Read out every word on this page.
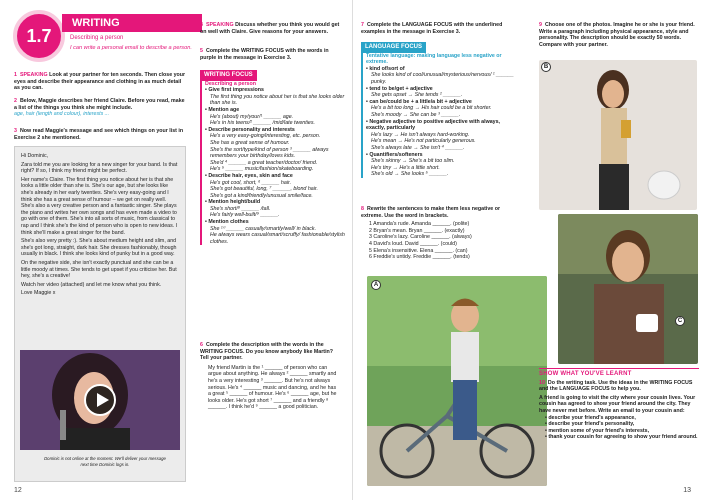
1.7
WRITING
Describing a person
I can write a personal email to describe a person.
1 SPEAKING Look at your partner for ten seconds. Then close your eyes and describe their appearance and clothing in as much detail as you can.
2 Below, Maggie describes her friend Claire. Before you read, make a list of the things you think she might include.
age, hair (length and colour), interests ...
3 Now read Maggie's message and see which things on your list in Exercise 2 she mentioned.

Hi Dominic,

Zara told me you are looking for a new singer for your band. Is that right? If so, I think my friend might be perfect.

Her name's Claire. The first thing you notice about her is that she looks a little older than she is. She's our age, but she looks like she's already in her early twenties. She's very easy-going and I think she has a great sense of humour – we get on really well. She's also a very creative person and a fantastic singer. She plays the piano and writes her own songs and has even made a video to go with one of them. She's into all sorts of music, from classical to rap and I think she's the kind of person who is open to new ideas. I think she'll make a great singer for the band.

She's also very pretty :). She's about medium height and slim, and she's got long, straight, dark hair. She dresses fashionably, though usually in black. I think she looks kind of punky but in a good way.

On the negative side, she isn't exactly punctual and she can be a little moody at times. She tends to get upset if you criticise her. But hey, she's a creative!

Watch her video (attached) and let me know what you think.

Love Maggie x

Dominic is not online at the moment. We'll deliver your message next time Dominic logs in.
4 SPEAKING Discuss whether you think you would get on well with Claire. Give reasons for your answers.
5 Complete the WRITING FOCUS with the words in purple in the message in Exercise 3.
WRITING FOCUS
Describing a person
• Give first impressions
The first thing you notice about her is that she looks older than she is.
• Mention age
He's (about) my/your/¹ ______ age.
He's in his teens/² ______ /mid/late twenties.
• Describe personality and interests
He's a very easy-going/interesting, etc. person.
She has a great sense of humour.
She's the sort/type/kind of person ³ ______ always remembers your birthday/loves kids.
She'd ⁴ ______ a great teacher/doctor/ friend.
He's ⁵ ______ music/fashion/skateboarding.
• Describe hair, eyes, skin and face
He's got cool, short, ⁶ ______ hair.
She's got beautiful, long, ⁷ ______, blond hair.
She's got a kind/friendly/unusual smile/face.
• Mention height/build
She's short/⁸ ______ /tall.
He's fairly well-built/⁹ ______.
• Mention clothes
She ¹⁰ ______ casually/smartly/well/ in black.
He always wears casual/smart/scruffy/ fashionable/stylish clothes.
6 Complete the description with the words in the WRITING FOCUS. Do you know anybody like Martin? Tell your partner.

My friend Martin is the ¹ ______ of person who can argue about anything. He always ² ______ smartly and he's a very interesting ³ ______. But he's not always serious. He's ⁴ ______ music and dancing, and he has a great ⁵ ______ of humour. He's ⁶ ______ age, but he looks older. He's got short ⁷ ______ and a friendly ⁸ ______. I think he'd ⁹ ______ a good politician.

12
7 Complete the LANGUAGE FOCUS with the underlined examples in the message in Exercise 3.
LANGUAGE FOCUS
Tentative language: making language less negative or extreme.
• kind of/sort of
She looks kind of cool/unusual/mysterious/nervous/ ¹ ______ punky.
• tend to be/get + adjective
She gets upset → She tends ² ______.
• can be/could be + a little/a bit + adjective
He's a bit too long → His hair could be a bit shorter.
She's moody → She can be ³ ______.
• Negative adjective to positive adjective with always, exactly, particularly
He's lazy → He isn't always hard-working.
He's mean → He's not particularly generous.
She's always late → She isn't ⁴ ______.
• Quantifiers/softeners
She's skinny → She's a bit too slim.
He's tiny → He's a little short.
She's old → She looks ⁵ ______.
8 Rewrite the sentences to make them less negative or extreme. Use the word in brackets.
1 Amanda's rude. Amanda ______. (polite)
2 Bryan's mean. Bryan ______. (exactly)
3 Caroline's lazy. Caroline ______. (always)
4 David's loud. David ______. (could)
5 Elena's insensitive. Elena ______. (can)
6 Freddie's untidy. Freddie ______. (tends)
A
9 Choose one of the photos. Imagine he or she is your friend. Write a paragraph including physical appearance, style and personality. The description should be exactly 50 words. Compare with your partner.
B
C
SHOW WHAT YOU'VE LEARNT
10 Do the writing task. Use the ideas in the WRITING FOCUS and the LANGUAGE FOCUS to help you.

A friend is going to visit the city where your cousin lives. Your cousin has agreed to show your friend around the city. They have never met before. Write an email to your cousin and:

• describe your friend's appearance,
• describe your friend's personality,
• mention some of your friend's interests,
• thank your cousin for agreeing to show your friend around.
13
